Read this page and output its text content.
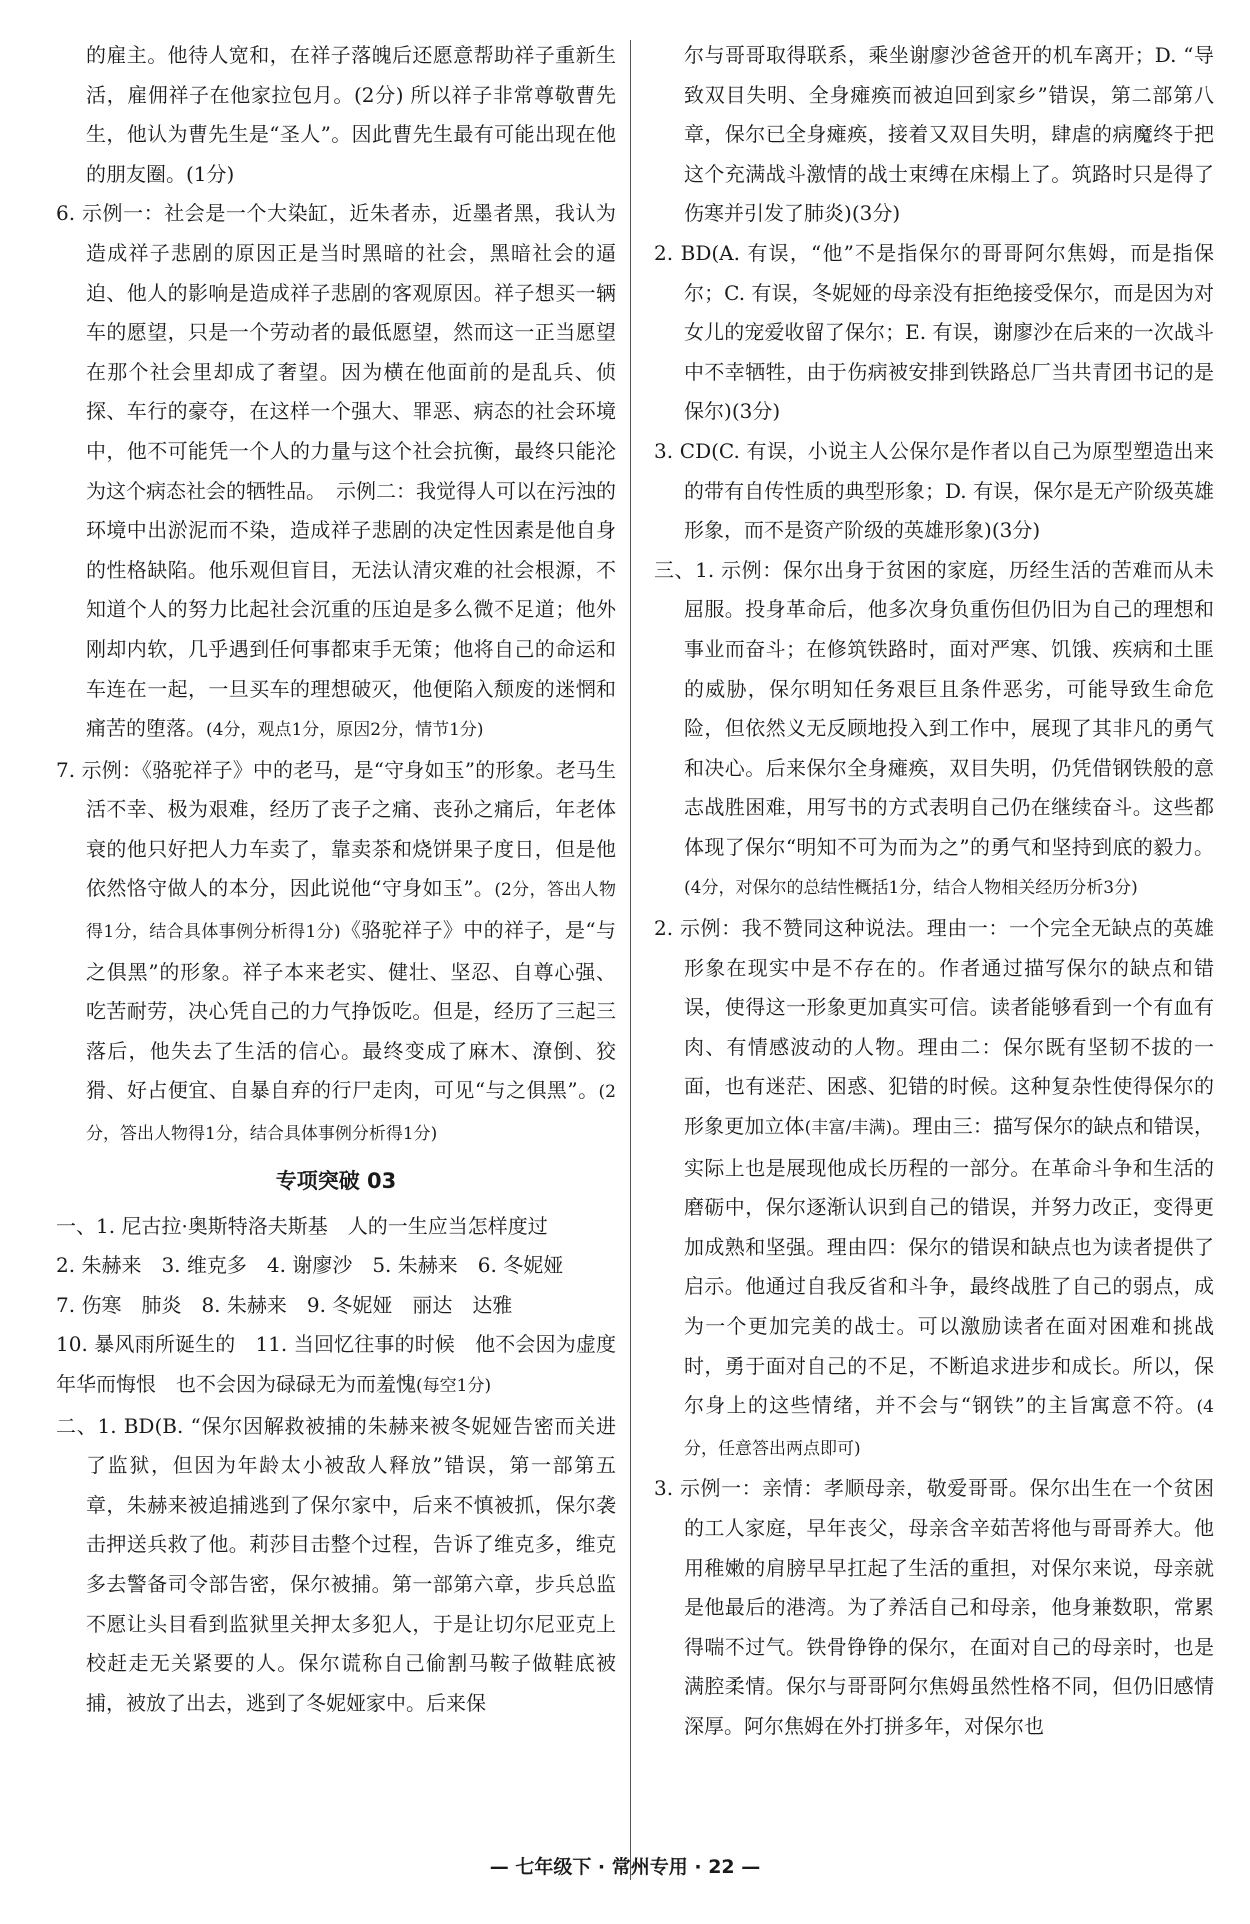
的雇主。他待人宽和，在祥子落魄后还愿意帮助祥子重新生活，雇佣祥子在他家拉包月。(2分) 所以祥子非常尊敬曹先生，他认为曹先生是“圣人”。因此曹先生最有可能出现在他的朋友圈。(1分)
6. 示例一：社会是一个大染缸，近朱者赤，近墨者黑，我认为造成祥子悲剧的原因正是当时黑暗的社会，黑暗社会的逼迫、他人的影响是造成祥子悲剧的客观原因。祥子想买一辆车的愿望，只是一个劳动者的最低愿望，然而这一正当愿望在那个社会里却成了奢望。因为横在他面前的是乱兵、侦探、车行的豪夺，在这样一个强大、罪恶、病态的社会环境中，他不可能凭一个人的力量与这个社会抗衡，最终只能沦为这个病态社会的牺牲品。　示例二：我觉得人可以在污浊的环境中出淤泥而不染，造成祥子悲剧的决定性因素是他自身的性格缺陷。他乐观但盲目，无法认清灾难的社会根源，不知道个人的努力比起社会沉重的压迫是多么微不足道；他外刚却内软，几乎遇到任何事都束手无策；他将自己的命运和车连在一起，一旦买车的理想破灭，他便陷入颓废的迷惘和痛苦的堕落。(4分，观点1分，原因2分，情节1分)
7. 示例：《骆驼祥子》中的老马，是“守身如玉”的形象。老马生活不幸、极为艰难，经历了丧子之痛、丧孙之痛后，年老体衰的他只好把人力车卖了，靠卖茶和烧饼果子度日，但是他依然恪守做人的本分，因此说他“守身如玉”。(2分，答出人物得1分，结合具体事例分析得1分)《骆驼祥子》中的祥子，是“与之俱黑”的形象。祥子本来老实、健壮、坚忍、自尊心强、吃苦耐劳，决心凭自己的力气挣饭吃。但是，经历了三起三落后，他失去了生活的信心。最终变成了麻木、潦倒、狡猾、好占便宜、自暴自弃的行尸走肉，可见“与之俱黑”。(2分，答出人物得1分，结合具体事例分析得1分)
专项突破 03
一、1. 尼古拉·奥斯特洛夫斯基　人的一生应当怎样度过
2. 朱赫来　3. 维克多　4. 谢廖沙　5. 朱赫来　6. 冬妮娅
7. 伤寒　肺炎　8. 朱赫来　9. 冬妮娅　丽达　达雅
10. 暴风雨所诞生的　11. 当回忆往事的时候　他不会因为虚度年华而悔恨　也不会因为碌碌无为而羞愧(每空1分)
二、1. BD(B. “保尔因解救被捕的朱赫来被冬妮娅告密而关进了监狱，但因为年龄太小被敌人释放”错误，第一部第五章，朱赫来被追捕逃到了保尔家中，后来不慎被抓，保尔袭击押送兵救了他。莉莎目击整个过程，告诉了维克多，维克多去警备司令部告密，保尔被捕。第一部第六章，步兵总监不愿让头目看到监狱里关押太多犯人，于是让切尔尼亚克上校赶走无关紧要的人。保尔谎称自己偷割马鞍子做鞋底被捕，被放了出去，逃到了冬妮娅家中。后来保
尔与哥哥取得联系，乘坐谢廖沙爸爸开的机车离开；D. “导致双目失明、全身瘫痪而被迫回到家乡”错误，第二部第八章，保尔已全身瘫痪，接着又双目失明，肆虐的病魔终于把这个充满战斗激情的战士束缚在床榻上了。筑路时只是得了伤寒并引发了肺炎)(3分)
2. BD(A. 有误，“他”不是指保尔的哥哥阿尔焦姆，而是指保尔；C. 有误，冬妮娅的母亲没有拒绝接受保尔，而是因为对女儿的宠爱收留了保尔；E. 有误，谢廖沙在后来的一次战斗中不幸牺牲，由于伤病被安排到铁路总厂当共青团书记的是保尔)(3分)
3. CD(C. 有误，小说主人公保尔是作者以自己为原型塑造出来的带有自传性质的典型形象；D. 有误，保尔是无产阶级英雄形象，而不是资产阶级的英雄形象)(3分)
三、1. 示例：保尔出身于贫困的家庭，历经生活的苦难而从未屈服。投身革命后，他多次身负重伤但仍旧为自己的理想和事业而奋斗；在修筑铁路时，面对严寒、饥饿、疾病和土匪的威胁，保尔明知任务艰巨且条件恶劣，可能导致生命危险，但依然义无反顾地投入到工作中，展现了其非凡的勇气和决心。后来保尔全身瘫痪，双目失明，仍凭借钢铁般的意志战胜困难，用写书的方式表明自己仍在继续奋斗。这些都体现了保尔“明知不可为而为之”的勇气和坚持到底的毅力。(4分，对保尔的总结性概括1分，结合人物相关经历分析3分)
2. 示例：我不赞同这种说法。理由一：一个完全无缺点的英雄形象在现实中是不存在的。作者通过描写保尔的缺点和错误，使得这一形象更加真实可信。读者能够看到一个有血有肉、有情感波动的人物。理由二：保尔既有坚韧不拔的一面，也有迷茫、困惑、犯错的时候。这种复杂性使得保尔的形象更加立体(丰富/丰满)。理由三：描写保尔的缺点和错误，实际上也是展现他成长历程的一部分。在革命斗争和生活的磨砺中，保尔逐渐认识到自己的错误，并努力改正，变得更加成熟和坚强。理由四：保尔的错误和缺点也为读者提供了启示。他通过自我反省和斗争，最终战胜了自己的弱点，成为一个更加完美的战士。可以激励读者在面对困难和挑战时，勇于面对自己的不足，不断追求进步和成长。所以，保尔身上的这些情绪，并不会与“钢铁”的主旨寓意不符。(4分，任意答出两点即可)
3. 示例一：亲情：孝顺母亲，敬爱哥哥。保尔出生在一个贫困的工人家庭，早年丧父，母亲含辛茹苦将他与哥哥养大。他用稚嫩的肩膀早早扛起了生活的重担，对保尔来说，母亲就是他最后的港湾。为了养活自己和母亲，他身兼数职，常累得喘不过气。铁骨铮铮的保尔，在面对自己的母亲时，也是满腔柔情。保尔与哥哥阿尔焦姆虽然性格不同，但仍旧感情深厚。阿尔焦姆在外打拼多年，对保尔也
— 七年级下 · 常州专用 · 22 —
